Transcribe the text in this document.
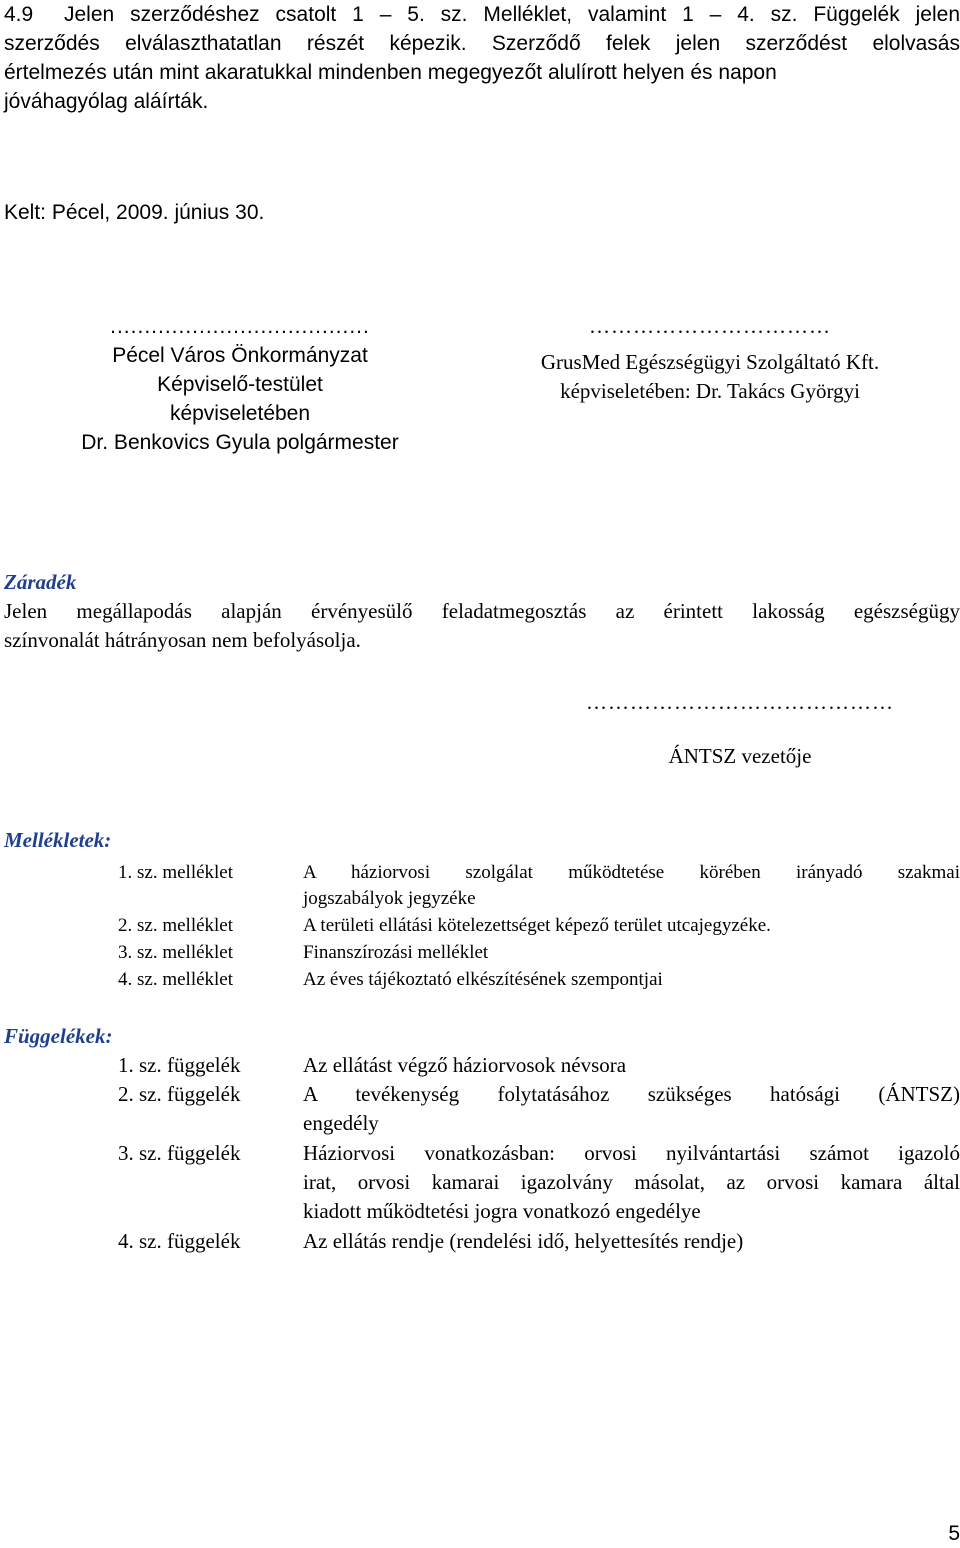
4.9 Jelen szerződéshez csatolt 1 – 5. sz. Melléklet, valamint 1 – 4. sz. Függelék jelen
szerződés elválaszthatatlan részét képezik. Szerződő felek jelen szerződést elolvasás
értelmezés után mint akaratukkal mindenben megegyezőt alulírott helyen és napon
jóváhagyólag aláírták.
Kelt: Pécel, 2009. június 30.
......................................
Pécel Város Önkormányzat
Képviselő-testület
képviseletében
Dr. Benkovics Gyula polgármester
……………………………
GrusMed Egészségügyi Szolgáltató Kft.
képviseletében: Dr. Takács Györgyi
Záradék
Jelen megállapodás alapján érvényesülő feladatmegosztás az érintett lakosság egészségügy
színvonalát hátrányosan nem befolyásolja.
……………………………………
ÁNTSZ vezetője
Mellékletek:
1. sz. melléklet	A háziorvosi szolgálat működtetése körében irányadó szakmai
jogszabályok jegyzéke
2. sz. melléklet	A területi ellátási kötelezettséget képező terület utcajegyzéke.
3. sz. melléklet	Finanszírozási melléklet
4. sz. melléklet	Az éves tájékoztató elkészítésének szempontjai
Függelékek:
1. sz. függelék	Az ellátást végző háziorvosok névsora
2. sz. függelék	A tevékenység folytatásához szükséges hatósági (ÁNTSZ)
engedély
3. sz. függelék	Háziorvosi vonatkozásban: orvosi nyilvántartási számot igazoló
irat, orvosi kamarai igazolvány másolat, az orvosi kamara által
kiadott működtetési jogra vonatkozó engedélye
4. sz. függelék	Az ellátás rendje (rendelési idő, helyettesítés rendje)
5
